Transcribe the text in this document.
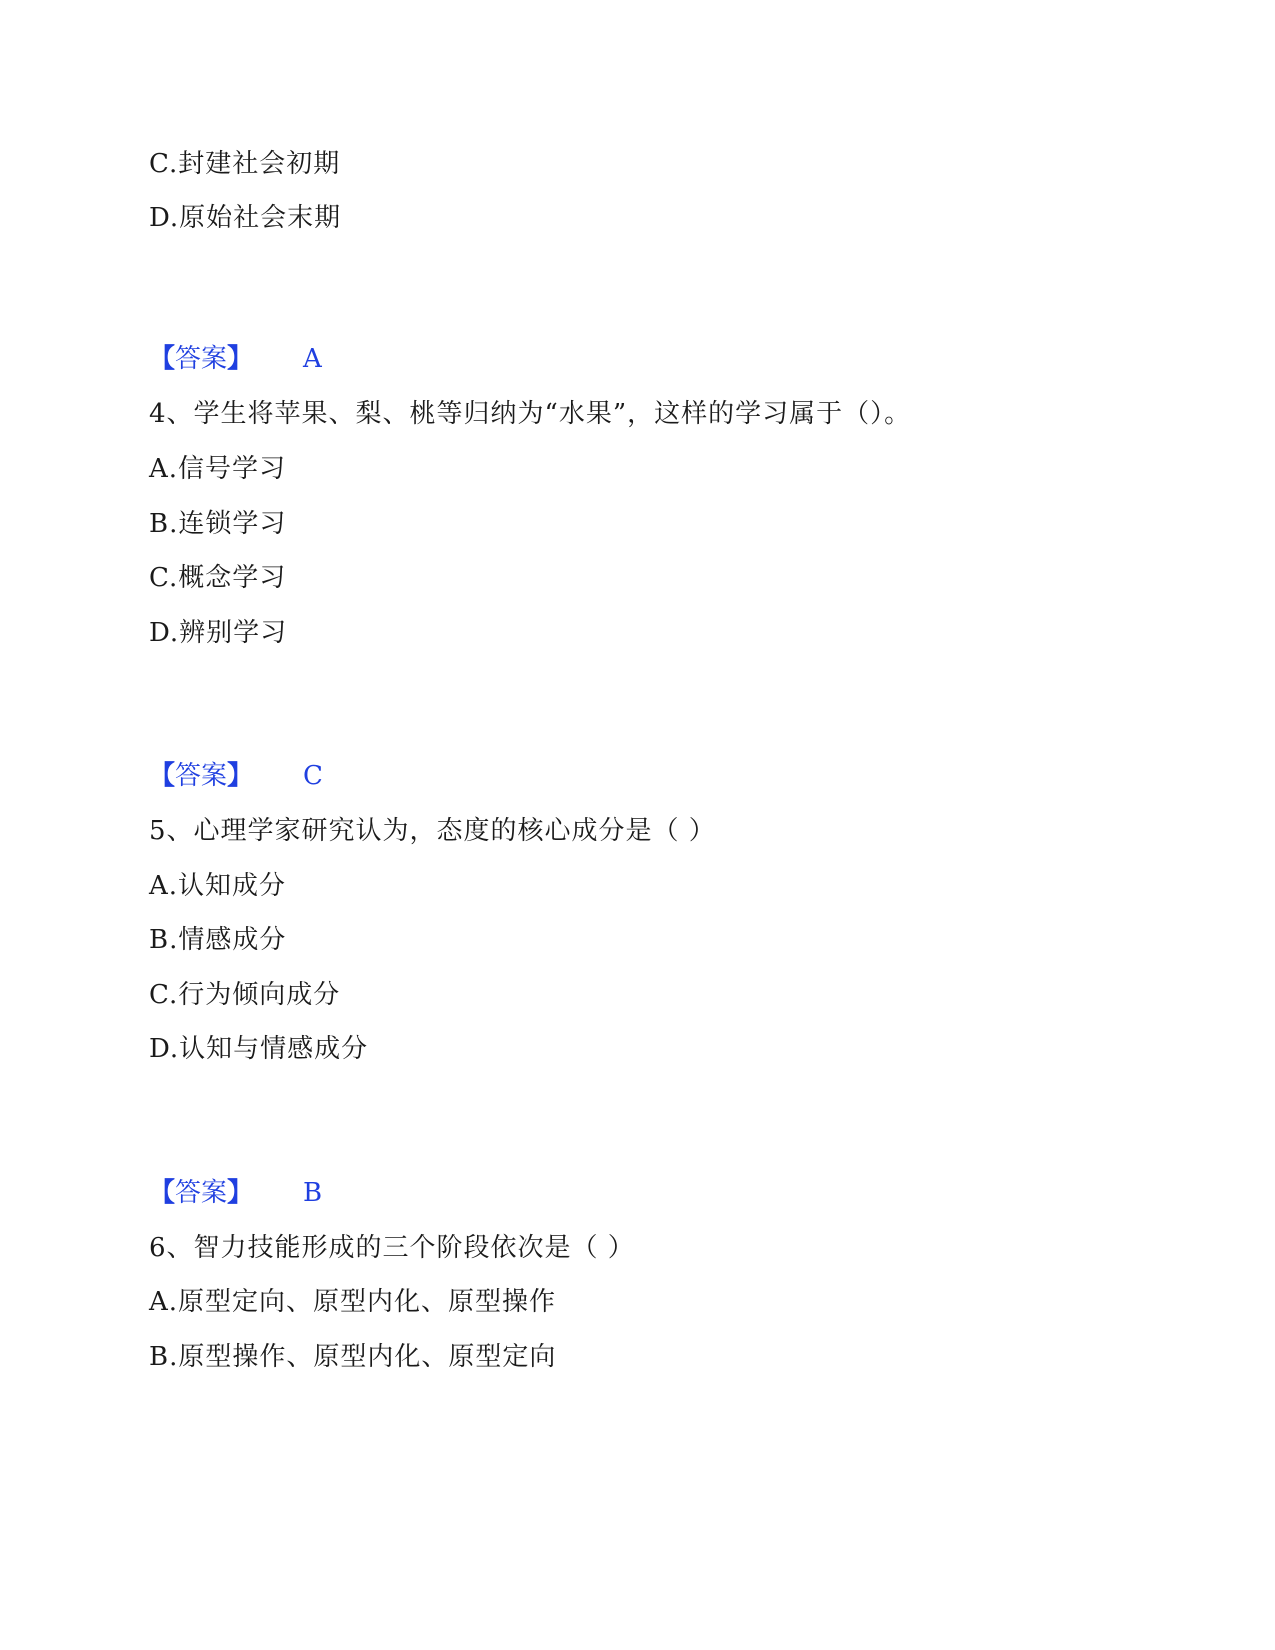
C.封建社会初期
D.原始社会末期
【答案】 A
4、学生将苹果、梨、桃等归纳为“水果”，这样的学习属于（）。
A.信号学习
B.连锁学习
C.概念学习
D.辨别学习
【答案】 C
5、心理学家研究认为，态度的核心成分是（ ）
A.认知成分
B.情感成分
C.行为倾向成分
D.认知与情感成分
【答案】 B
6、智力技能形成的三个阶段依次是（ ）
A.原型定向、原型内化、原型操作
B.原型操作、原型内化、原型定向
